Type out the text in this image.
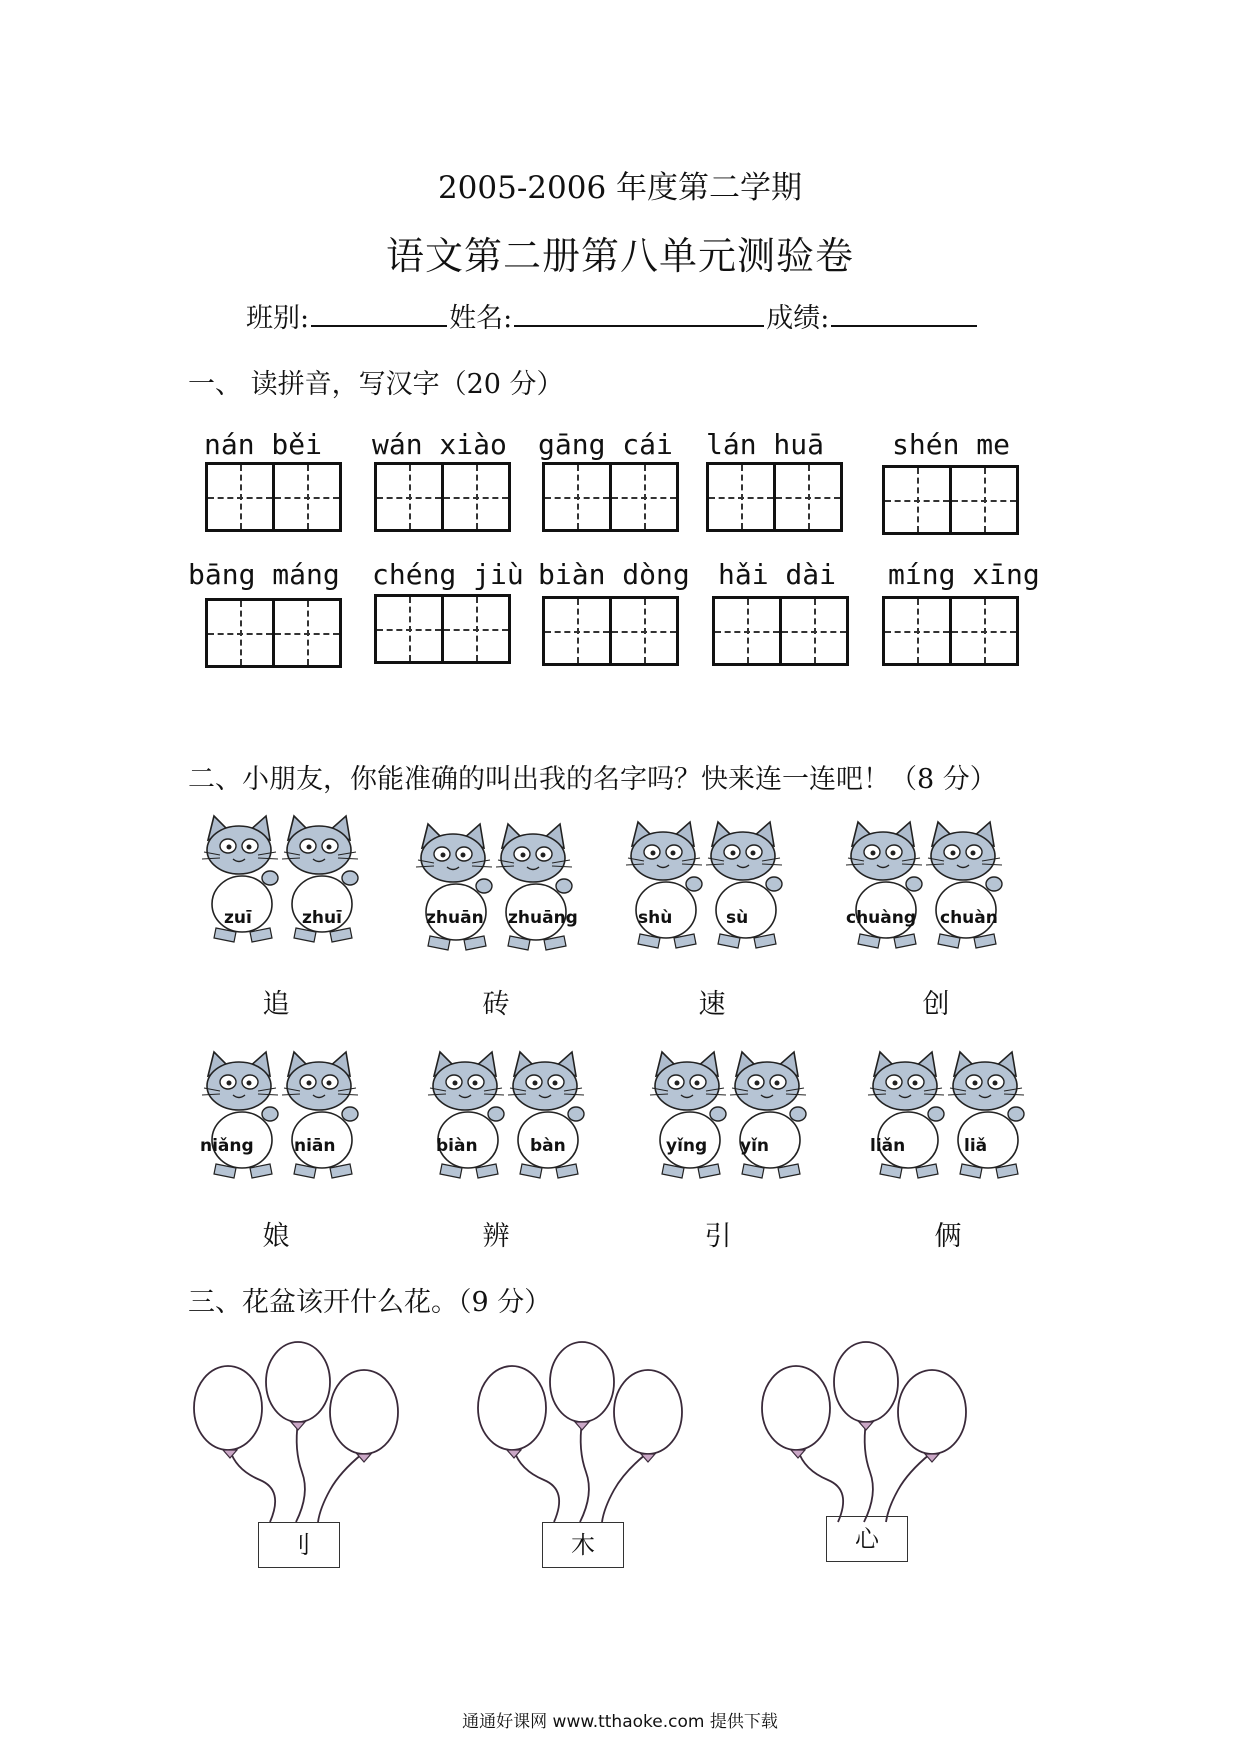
2005-2006 年度第二学期
语文第二册第八单元测验卷
班别:	姓名:	成绩:
一、 读拼音，写汉字（20 分）
nán běi wán xiào gāng cái lán huā shén me
bāng máng chéng jiù biàn dòng hǎi dài míng xīng
二、小朋友，你能准确的叫出我的名字吗？快来连一连吧！（8 分）
zuī	zhuī	zhuān zhuāng	shù	sù	chuàng chuàn
追	砖	速	创
niǎng niān	biàn	bàn	yǐng yǐn	liǎn	liǎ
娘	辨	引	俩
三、花盆该开什么花。（9 分）
刂	木	心
通通好课网 www.tthaoke.com 提供下载
